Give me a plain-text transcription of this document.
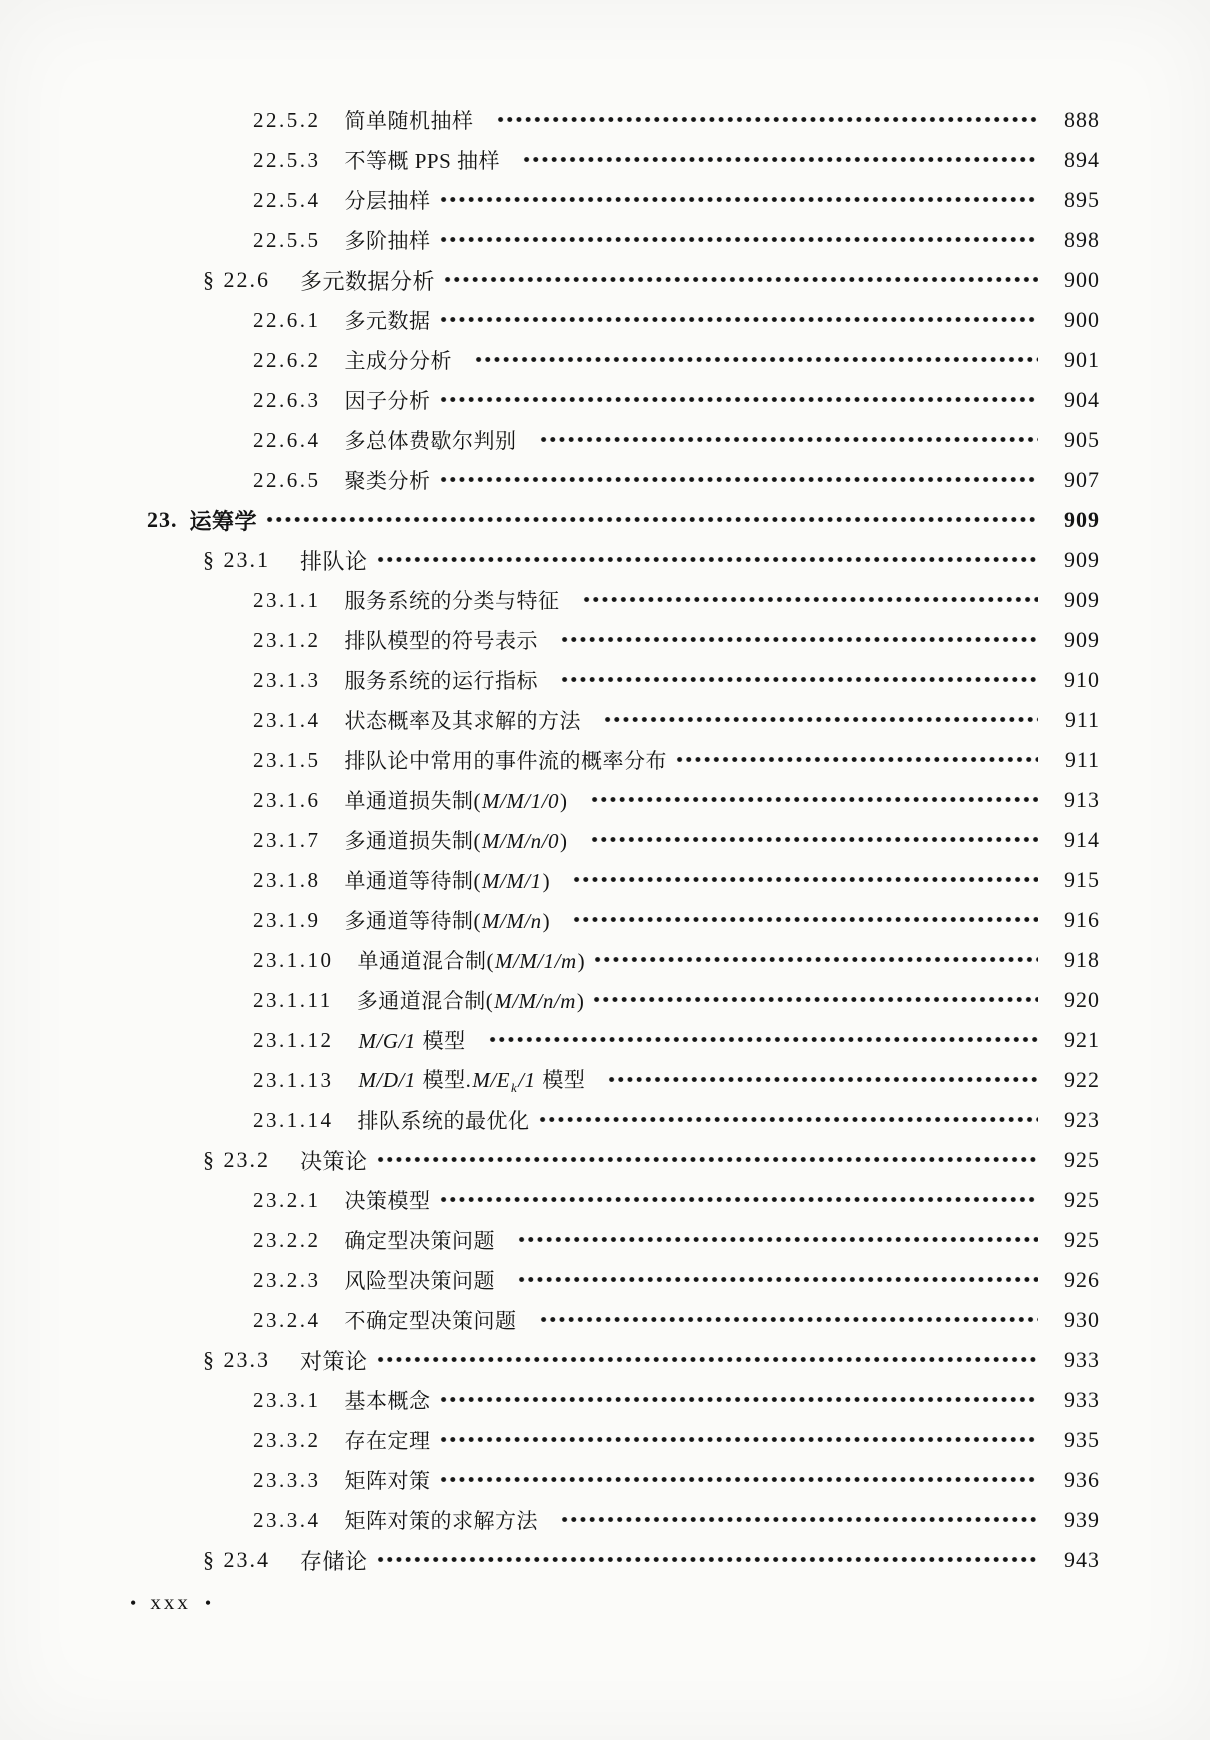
22.5.2 简单随机抽样	888
22.5.3 不等概 PPS 抽样	894
22.5.4 分层抽样	895
22.5.5 多阶抽样	898
§ 22.6 多元数据分析	900
22.6.1 多元数据	900
22.6.2 主成分分析	901
22.6.3 因子分析	904
22.6.4 多总体费歇尔判别	905
22.6.5 聚类分析	907
23. 运筹学	909
§ 23.1 排队论	909
23.1.1 服务系统的分类与特征	909
23.1.2 排队模型的符号表示	909
23.1.3 服务系统的运行指标	910
23.1.4 状态概率及其求解的方法	911
23.1.5 排队论中常用的事件流的概率分布	911
23.1.6 单通道损失制(M/M/1/0)	913
23.1.7 多通道损失制(M/M/n/0)	914
23.1.8 单通道等待制(M/M/1)	915
23.1.9 多通道等待制(M/M/n)	916
23.1.10 单通道混合制(M/M/1/m)	918
23.1.11 多通道混合制(M/M/n/m)	920
23.1.12 M/G/1 模型	921
23.1.13 M/D/1 模型$.M/E_k/1$ 模型	922
23.1.14 排队系统的最优化	923
§ 23.2 决策论	925
23.2.1 决策模型	925
23.2.2 确定型决策问题	925
23.2.3 风险型决策问题	926
23.2.4 不确定型决策问题	930
§ 23.3 对策论	933
23.3.1 基本概念	933
23.3.2 存在定理	935
23.3.3 矩阵对策	936
23.3.4 矩阵对策的求解方法	939
§ 23.4 存储论	943
• xxx •
